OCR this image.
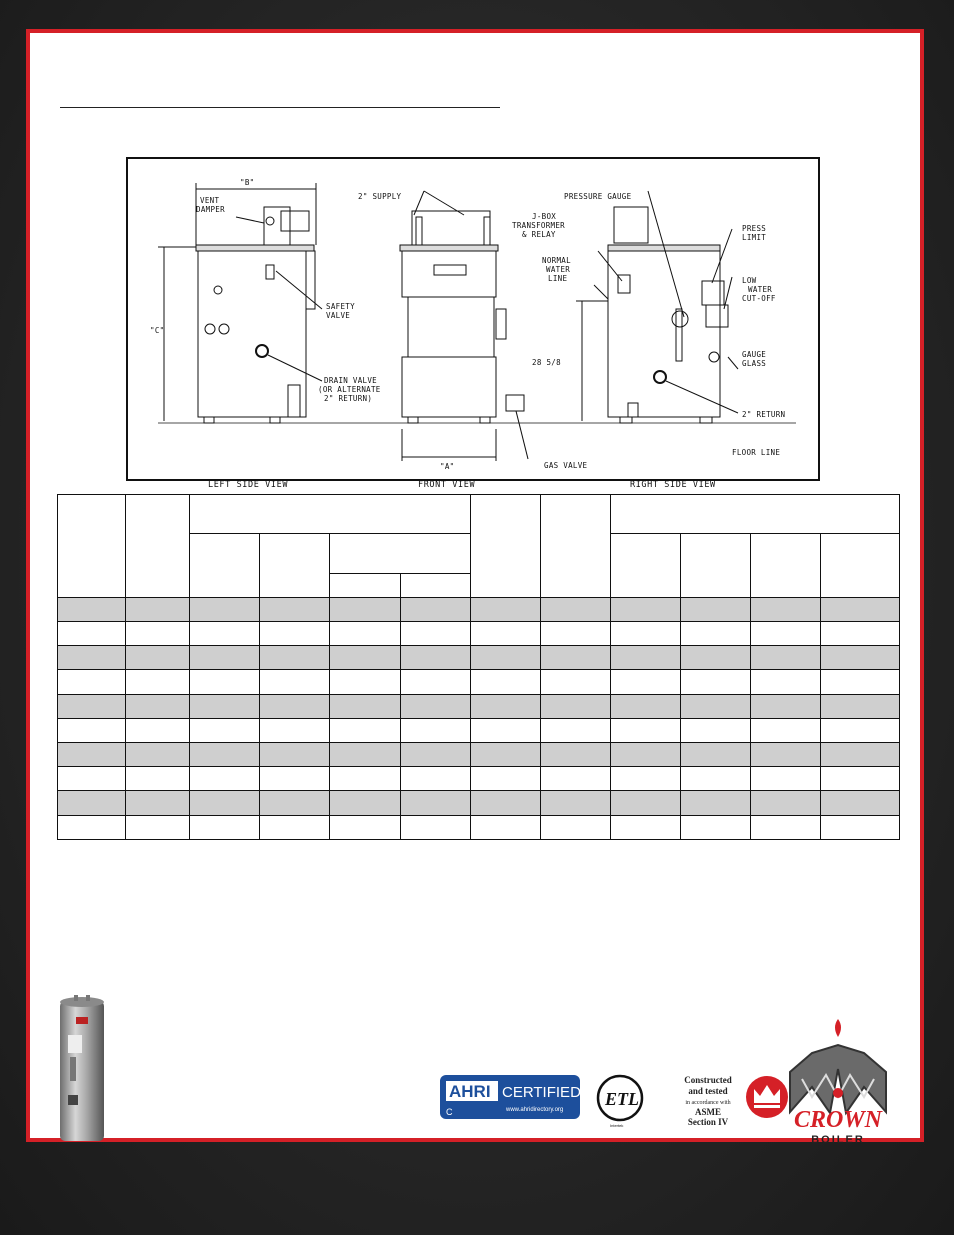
"B"
"C"
"A"
28 5/8
VENT
DAMPER
SAFETY
VALVE
DRAIN VALVE
(OR ALTERNATE
2" RETURN)
2" SUPPLY
J-BOX
TRANSFORMER
& RELAY
NORMAL
WATER
LINE
GAS VALVE
PRESSURE GAUGE
PRESS
LIMIT
LOW
WATER
CUT-OFF
GAUGE
GLASS
2" RETURN
FLOOR LINE
LEFT SIDE VIEW	FRONT VIEW	RIGHT SIDE VIEW

AHRI CERTIFIED
www.ahridirectory.org
C
ETL
Intertek
Constructed
and tested
in accordance with
ASME
Section IV	CROWN
BOILER
